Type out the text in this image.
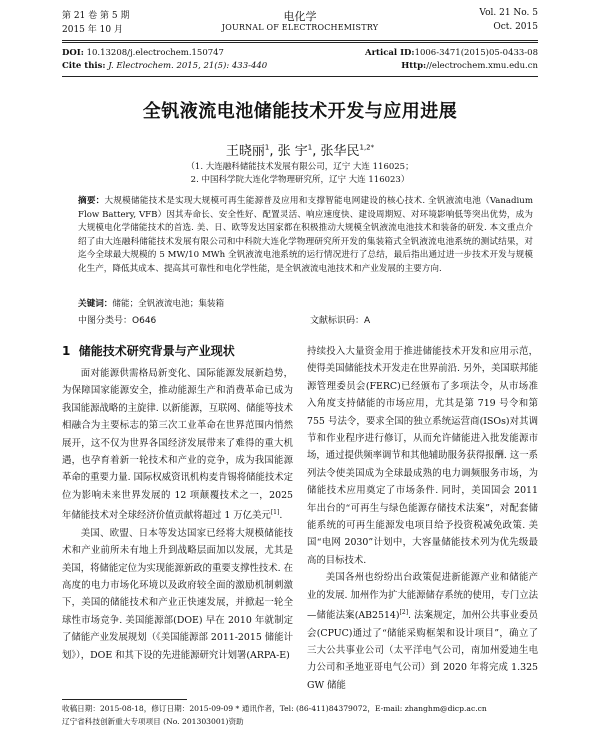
第 21 卷 第 5 期
2015 年 10 月
电化学
JOURNAL OF ELECTROCHEMISTRY
Vol. 21 No. 5
Oct. 2015
DOI: 10.13208/j.electrochem.150747	Artical ID:1006-3471(2015)05-0433-08
Cite this: J. Electrochem. 2015, 21(5): 433-440	Http://electrochem.xmu.edu.cn
全钒液流电池储能技术开发与应用进展
王晓丽$^1$, 张 宇$^1$, 张华民$^{1,2*}$
（1. 大连融科储能技术发展有限公司，辽宁 大连 116025；
2. 中国科学院大连化学物理研究所，辽宁 大连 116023）
摘要：大规模储能技术是实现大规模可再生能源普及应用和支撑智能电网建设的核心技术. 全钒液流电池（Vanadium Flow Battery, VFB）因其寿命长、安全性好、配置灵活、响应速度快、建设周期短、对环境影响低等突出优势，成为大规模电化学储能技术的首选. 美、日、欧等发达国家都在积极推动大规模全钒液流电池技术和装备的研发. 本文重点介绍了由大连融科储能技术发展有限公司和中科院大连化学物理研究所开发的集装箱式全钒液流电池系统的测试结果，对迄今全球最大规模的 5 MW/10 MWh 全钒液流电池系统的运行情况进行了总结，最后指出通过进一步技术开发与规模化生产，降低其成本、提高其可靠性和电化学性能，是全钒液流电池技术和产业发展的主要方向.
关键词：储能；全钒液流电池；集装箱
中图分类号：O646	文献标识码：A
1 储能技术研究背景与产业现状

面对能源供需格局新变化、国际能源发展新趋势，为保障国家能源安全，推动能源生产和消费革命已成为我国能源战略的主旋律. 以新能源，互联网、储能等技术相融合为主要标志的第三次工业革命在世界范围内悄然展开，这不仅为世界各国经济发展带来了难得的重大机遇，也孕育着新一轮技术和产业的竞争，成为我国能源革命的重要力量. 国际权威资讯机构麦肯锡将储能技术定位为影响未来世界发展的 12 项颠覆技术之一，2025 年储能技术对全球经济价值贡献将超过 1 万亿美元[1].

美国、欧盟、日本等发达国家已经将大规模储能技术和产业前所未有地上升到战略层面加以发展，尤其是美国，将储能定位为实现能源新政的重要支撑性技术. 在高度的电力市场化环境以及政府较全面的激励机制刺激下，美国的储能技术和产业正快速发展，并掀起一轮全球性市场竞争. 美国能源部(DOE) 早在 2010 年就制定了储能产业发展规划（《美国能源部 2011-2015 储能计划》），DOE 和其下设的先进能源研究计划署(ARPA-E)

持续投入大量资金用于推进储能技术开发和应用示范，使得美国储能技术开发走在世界前沿. 另外，美国联邦能源管理委员会(FERC)已经颁布了多项法令，从市场准入角度支持储能的市场应用，尤其是第 719 号令和第 755 号法令，要求全国的独立系统运营商(ISOs)对其调节和作业程序进行修订，从而允许储能进入批发能源市场，通过提供频率调节和其他辅助服务获得报酬. 这一系列法令使美国成为全球最成熟的电力调频服务市场，为储能技术应用奠定了市场条件. 同时，美国国会 2011 年出台的“可再生与绿色能源存储技术法案”，对配套储能系统的可再生能源发电项目给予投资税减免政策. 美国“电网 2030”计划中，大容量储能技术列为优先级最高的目标技术.

美国各州也纷纷出台政策促进新能源产业和储能产业的发展. 加州作为扩大能源储存系统的使用，专门立法—储能法案(AB2514)[2]. 法案规定，加州公共事业委员会(CPUC)通过了“储能采购框架和设计项目”，确立了三大公共事业公司（太平洋电气公司，南加州爱迪生电力公司和圣地亚哥电气公司）到 2020 年将完成 1.325 GW 储能

收稿日期：2015-08-18，修订日期：2015-09-09 * 通讯作者，Tel: (86-411)84379072，E-mail: zhanghm@dicp.ac.cn
辽宁省科技创新重大专项项目 (No. 201303001)资助
